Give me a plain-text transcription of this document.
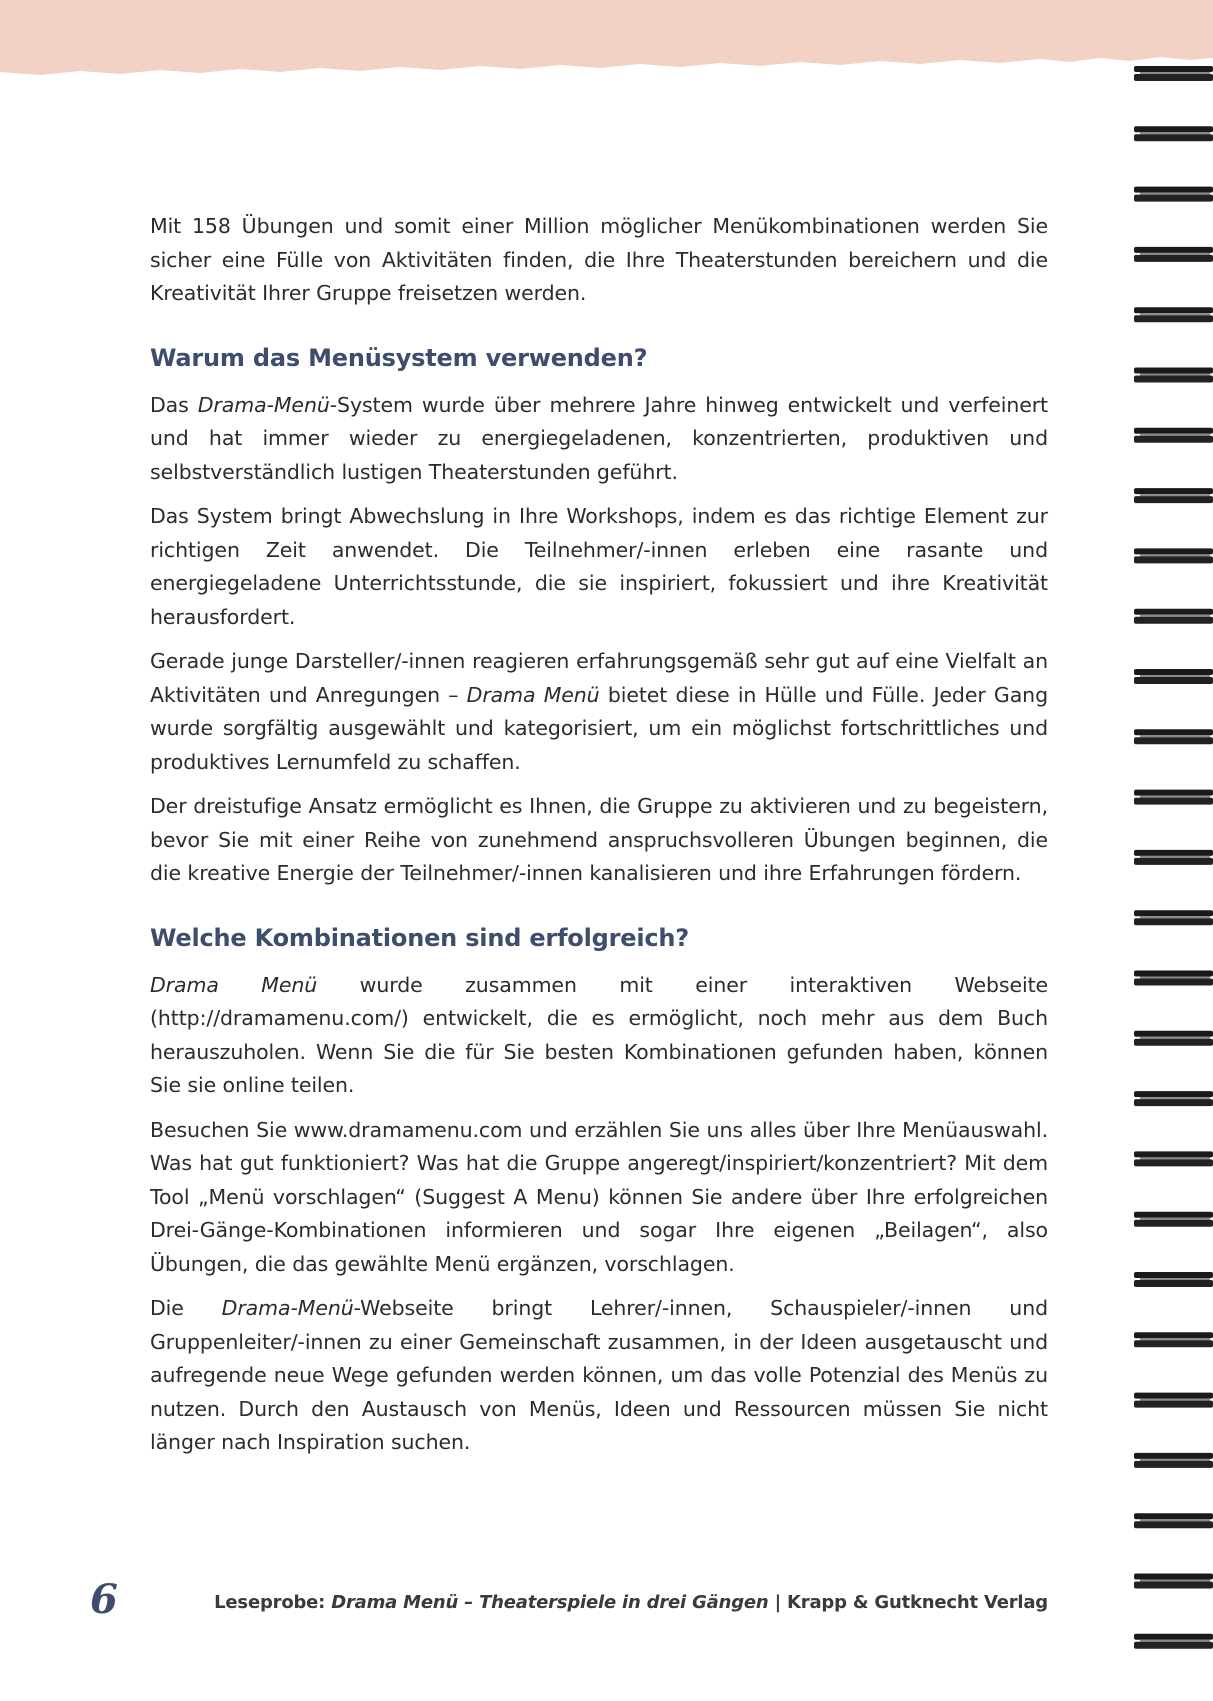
Mit 158 Übungen und somit einer Million möglicher Menükombinationen werden Sie sicher eine Fülle von Aktivitäten finden, die Ihre Theaterstunden bereichern und die Kreativität Ihrer Gruppe freisetzen werden.

Warum das Menüsystem verwenden?

Das Drama-Menü-System wurde über mehrere Jahre hinweg entwickelt und verfeinert und hat immer wieder zu energiegeladenen, konzentrierten, produktiven und selbstverständlich lustigen Theaterstunden geführt.

Das System bringt Abwechslung in Ihre Workshops, indem es das richtige Element zur richtigen Zeit anwendet. Die Teilnehmer/-innen erleben eine rasante und energiegeladene Unterrichtsstunde, die sie inspiriert, fokussiert und ihre Kreativität herausfordert.

Gerade junge Darsteller/-innen reagieren erfahrungsgemäß sehr gut auf eine Vielfalt an Aktivitäten und Anregungen – Drama Menü bietet diese in Hülle und Fülle. Jeder Gang wurde sorgfältig ausgewählt und kategorisiert, um ein möglichst fortschrittliches und produktives Lernumfeld zu schaffen.

Der dreistufige Ansatz ermöglicht es Ihnen, die Gruppe zu aktivieren und zu begeistern, bevor Sie mit einer Reihe von zunehmend anspruchsvolleren Übungen beginnen, die die kreative Energie der Teilnehmer/-innen kanalisieren und ihre Erfahrungen fördern.

Welche Kombinationen sind erfolgreich?

Drama Menü wurde zusammen mit einer interaktiven Webseite (http://dramamenu.com/) entwickelt, die es ermöglicht, noch mehr aus dem Buch herauszuholen. Wenn Sie die für Sie besten Kombinationen gefunden haben, können Sie sie online teilen.

Besuchen Sie www.dramamenu.com und erzählen Sie uns alles über Ihre Menüauswahl. Was hat gut funktioniert? Was hat die Gruppe angeregt/inspiriert/konzentriert? Mit dem Tool „Menü vorschlagen“ (Suggest A Menu) können Sie andere über Ihre erfolgreichen Drei-Gänge-Kombinationen informieren und sogar Ihre eigenen „Beilagen“, also Übungen, die das gewählte Menü ergänzen, vorschlagen.

Die Drama-Menü-Webseite bringt Lehrer/-innen, Schauspieler/-innen und Gruppenleiter/-innen zu einer Gemeinschaft zusammen, in der Ideen ausgetauscht und aufregende neue Wege gefunden werden können, um das volle Potenzial des Menüs zu nutzen. Durch den Austausch von Menüs, Ideen und Ressourcen müssen Sie nicht länger nach Inspiration suchen.

6	Leseprobe: Drama Menü – Theaterspiele in drei Gängen | Krapp & Gutknecht Verlag
